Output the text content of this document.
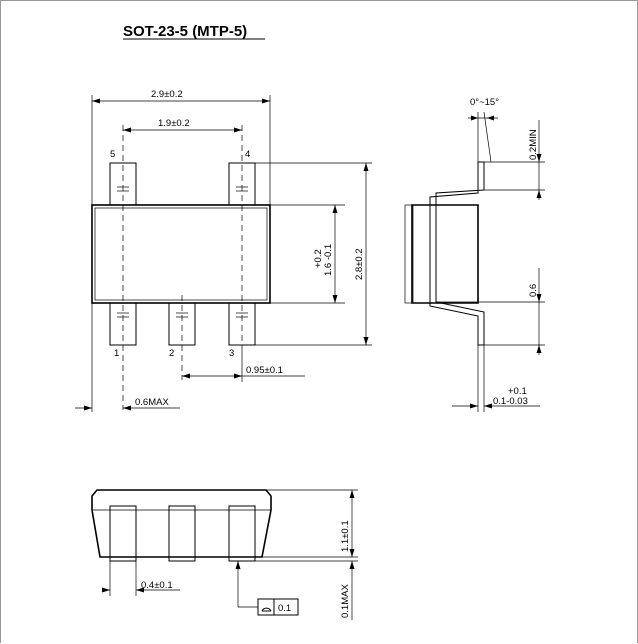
SOT-23-5 (MTP-5)
5	4
1	2	3
2.9±0.2
1.9±0.2
+0.2 1.6 -0.1 2.8±0.2
0.95±0.1
0.6MAX
0°~15°
0.2MIN
0.6
+0.1
0.1-0.03
1.1±0.1
0.1MAX
0.4±0.1
0.1
